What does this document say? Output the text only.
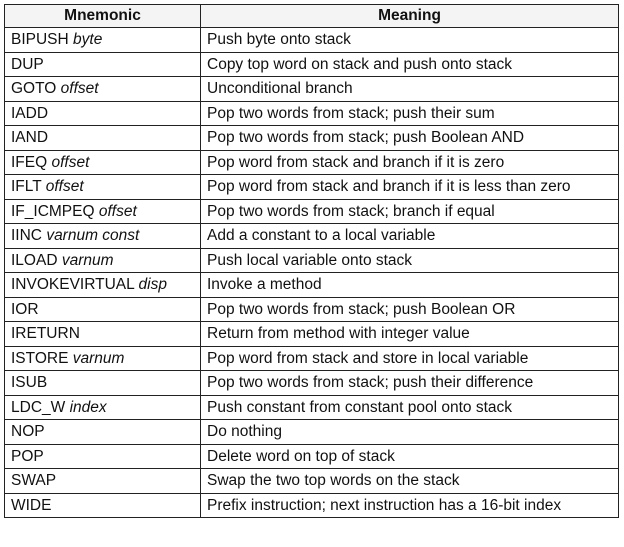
Mnemonic	Meaning
BIPUSH byte	Push byte onto stack
DUP	Copy top word on stack and push onto stack
GOTO offset	Unconditional branch
IADD	Pop two words from stack; push their sum
IAND	Pop two words from stack; push Boolean AND
IFEQ offset	Pop word from stack and branch if it is zero
IFLT offset	Pop word from stack and branch if it is less than zero
IF_ICMPEQ offset	Pop two words from stack; branch if equal
IINC varnum const	Add a constant to a local variable
ILOAD varnum	Push local variable onto stack
INVOKEVIRTUAL disp	Invoke a method
IOR	Pop two words from stack; push Boolean OR
IRETURN	Return from method with integer value
ISTORE varnum	Pop word from stack and store in local variable
ISUB	Pop two words from stack; push their difference
LDC_W index	Push constant from constant pool onto stack
NOP	Do nothing
POP	Delete word on top of stack
SWAP	Swap the two top words on the stack
WIDE	Prefix instruction; next instruction has a 16-bit index
